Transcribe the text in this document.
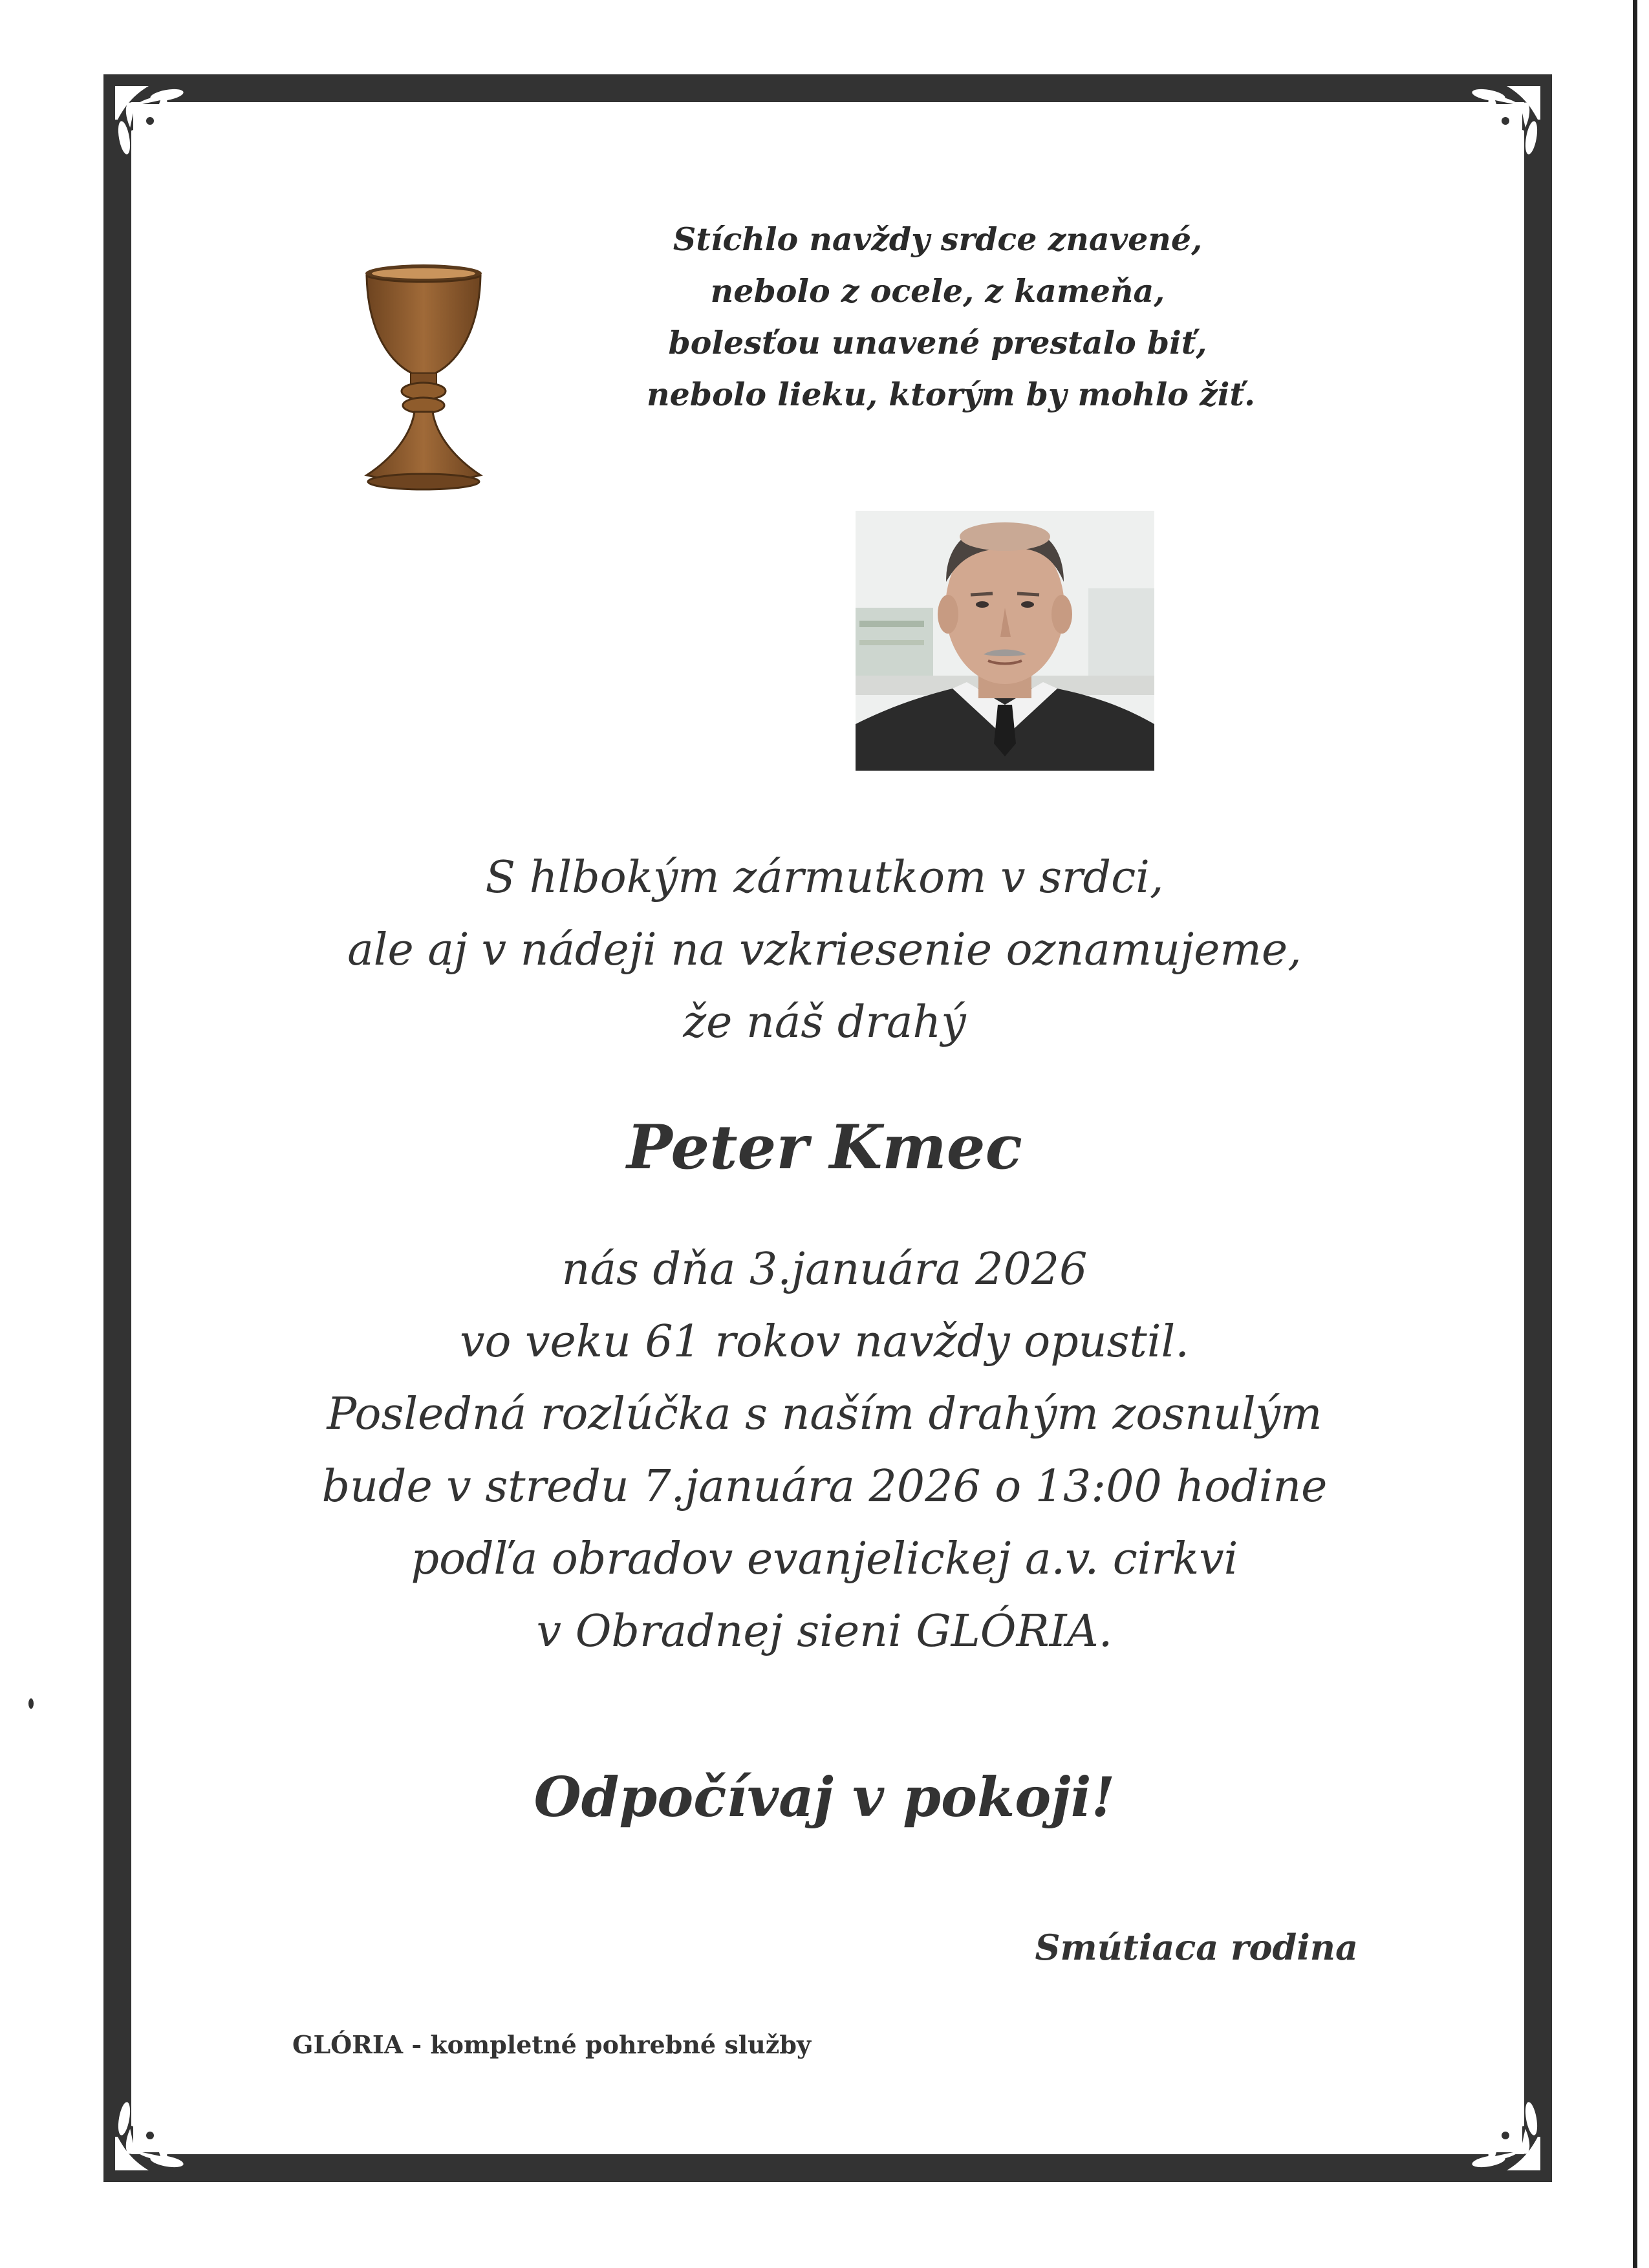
Stíchlo navždy srdce znavené,
nebolo z ocele, z kameňa,
bolesťou unavené prestalo biť,
nebolo lieku, ktorým by mohlo žiť.
S hlbokým zármutkom v srdci,
ale aj v nádeji na vzkriesenie oznamujeme,
že náš drahý
Peter Kmec
nás dňa 3.januára 2026
vo veku 61 rokov navždy opustil.
Posledná rozlúčka s naším drahým zosnulým
bude v stredu 7.januára 2026 o 13:00 hodine
podľa obradov evanjelickej a.v. cirkvi
v Obradnej sieni GLÓRIA.
Odpočívaj v pokoji!
Smútiaca rodina
GLÓRIA - kompletné pohrebné služby
